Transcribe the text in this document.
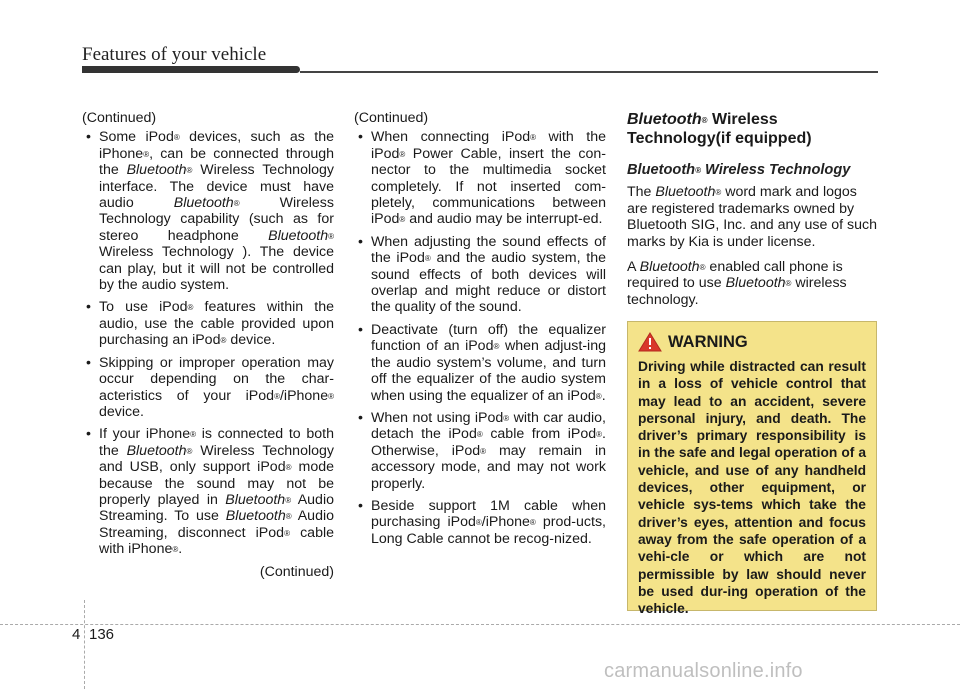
Features of your vehicle
(Continued)
• Some iPod® devices, such as the iPhone®, can be connected through the Bluetooth® Wireless Technology interface. The device must have audio Bluetooth® Wireless Technology capability (such as for stereo headphone Bluetooth® Wireless Technology ). The device can play, but it will not be controlled by the audio system.
• To use iPod® features within the audio, use the cable provided upon purchasing an iPod® device.
• Skipping or improper operation may occur depending on the char-acteristics of your iPod®/iPhone® device.
• If your iPhone® is connected to both the Bluetooth® Wireless Technology and USB, only support iPod® mode because the sound may not be properly played in Bluetooth® Audio Streaming. To use Bluetooth® Audio Streaming, disconnect iPod® cable with iPhone®.
(Continued)
(Continued)
• When connecting iPod® with the iPod® Power Cable, insert the con-nector to the multimedia socket completely. If not inserted com-pletely, communications between iPod® and audio may be interrupt-ed.
• When adjusting the sound effects of the iPod® and the audio system, the sound effects of both devices will overlap and might reduce or distort the quality of the sound.
• Deactivate (turn off) the equalizer function of an iPod® when adjust-ing the audio system’s volume, and turn off the equalizer of the audio system when using the equalizer of an iPod®.
• When not using iPod® with car audio, detach the iPod® cable from iPod®. Otherwise, iPod® may remain in accessory mode, and may not work properly.
• Beside support 1M cable when purchasing iPod®/iPhone® prod-ucts, Long Cable cannot be recog-nized.
Bluetooth® Wireless Technology(if equipped)
Bluetooth® Wireless Technology
The Bluetooth® word mark and logos are registered trademarks owned by Bluetooth SIG, Inc. and any use of such marks by Kia is under license.
A Bluetooth® enabled call phone is required to use Bluetooth® wireless technology.
WARNING
Driving while distracted can result in a loss of vehicle control that may lead to an accident, severe personal injury, and death. The driver’s primary responsibility is in the safe and legal operation of a vehicle, and use of any handheld devices, other equipment, or vehicle sys-tems which take the driver’s eyes, attention and focus away from the safe operation of a vehi-cle or which are not permissible by law should never be used dur-ing operation of the vehicle.
4 136
carmanualsonline.info
